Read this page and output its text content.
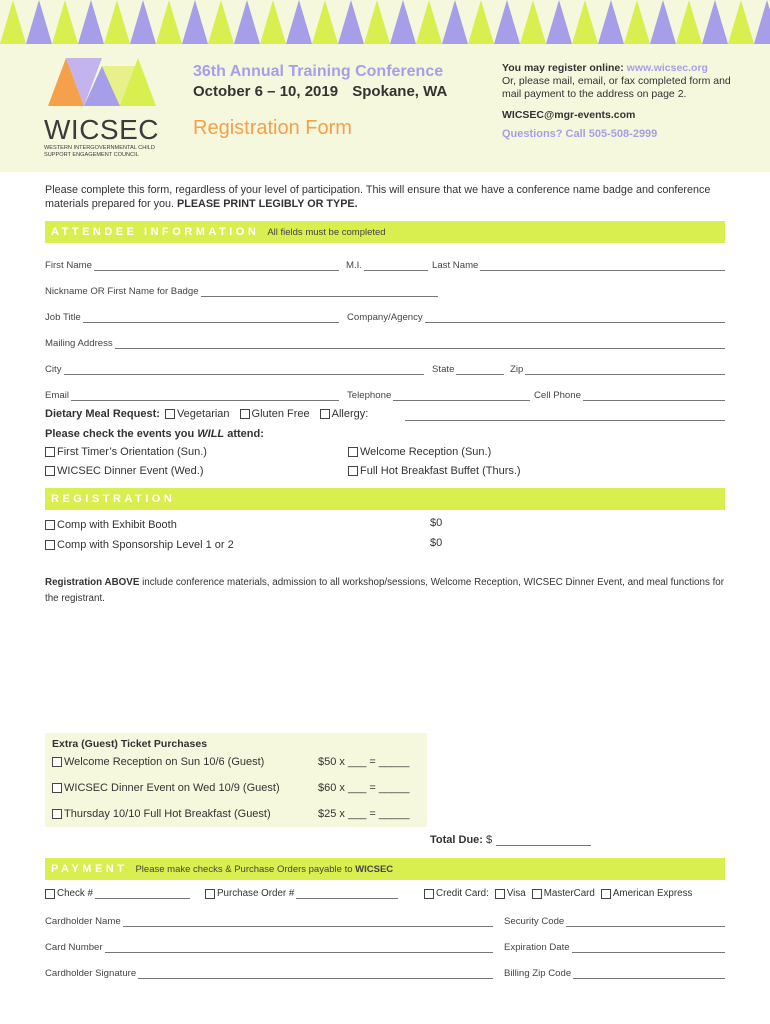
WICSEC
WESTERN INTERGOVERNMENTAL CHILD SUPPORT ENGAGEMENT COUNCIL
36th Annual Training Conference
October 6 – 10, 2019 Spokane, WA
Registration Form
You may register online: www.wicsec.org
Or, please mail, email, or fax completed form and mail payment to the address on page 2.
WICSEC@mgr-events.com
Questions? Call 505-508-2999
Please complete this form, regardless of your level of participation. This will ensure that we have a conference name badge and conference materials prepared for you. PLEASE PRINT LEGIBLY OR TYPE.
ATTENDEE INFORMATION All fields must be completed
First Name	M.I.	Last Name
Nickname OR First Name for Badge
Job Title	Company/Agency
Mailing Address
City	State	Zip
Email	Telephone	Cell Phone
Dietary Meal Request: Vegetarian Gluten Free Allergy:
Please check the events you
WILL
attend:
First Timer’s Orientation (Sun.)	Welcome Reception (Sun.)
WICSEC Dinner Event (Wed.)	Full Hot Breakfast Buffet (Thurs.)
REGISTRATION
Comp with Exhibit Booth	$0
Comp with Sponsorship Level 1 or 2	$0
Registration ABOVE include conference materials, admission to all workshop/sessions, Welcome Reception, WICSEC Dinner Event, and meal functions for the registrant.
Extra (Guest) Ticket Purchases
Welcome Reception on Sun 10/6 (Guest)	$50 x ___ = _____
WICSEC Dinner Event on Wed 10/9 (Guest)	$60 x ___ = _____
Thursday 10/10 Full Hot Breakfast (Guest)	$25 x ___ = _____
Total Due:
$
PAYMENT Please make checks & Purchase Orders payable to WICSEC
Check #	Purchase Order #	Credit Card: Visa MasterCard American Express
Cardholder Name	Security Code
Card Number	Expiration Date
Cardholder Signature	Billing Zip Code
